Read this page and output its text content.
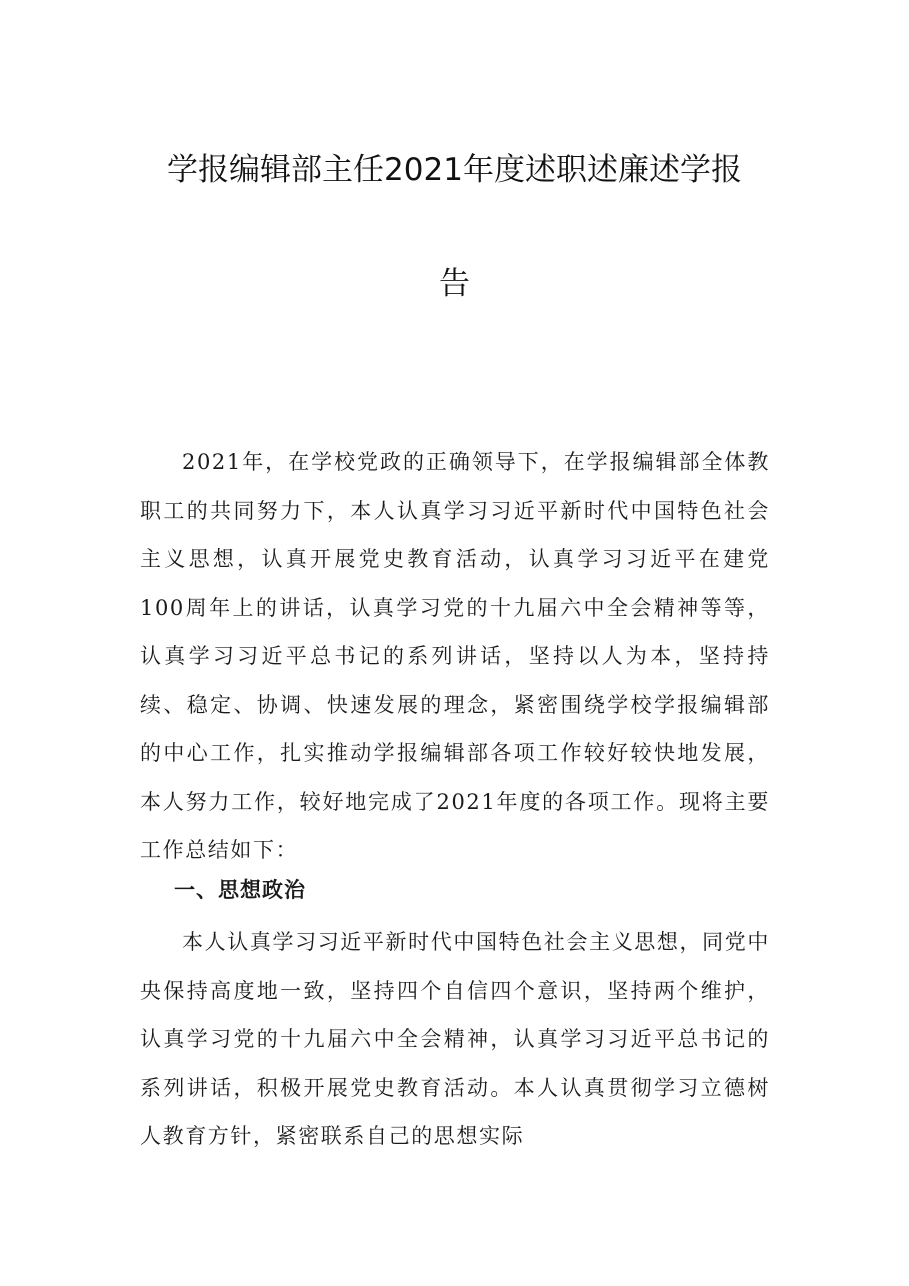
学报编辑部主任2021年度述职述廉述学报
告

2021年，在学校党政的正确领导下，在学报编辑部全体教职工的共同努力下，本人认真学习习近平新时代中国特色社会主义思想，认真开展党史教育活动，认真学习习近平在建党100周年上的讲话，认真学习党的十九届六中全会精神等等，认真学习习近平总书记的系列讲话，坚持以人为本，坚持持续、稳定、协调、快速发展的理念，紧密围绕学校学报编辑部的中心工作，扎实推动学报编辑部各项工作较好较快地发展，本人努力工作，较好地完成了2021年度的各项工作。现将主要工作总结如下：

一、思想政治

本人认真学习习近平新时代中国特色社会主义思想，同党中央保持高度地一致，坚持四个自信四个意识，坚持两个维护，认真学习党的十九届六中全会精神，认真学习习近平总书记的系列讲话，积极开展党史教育活动。本人认真贯彻学习立德树人教育方针，紧密联系自己的思想实际
